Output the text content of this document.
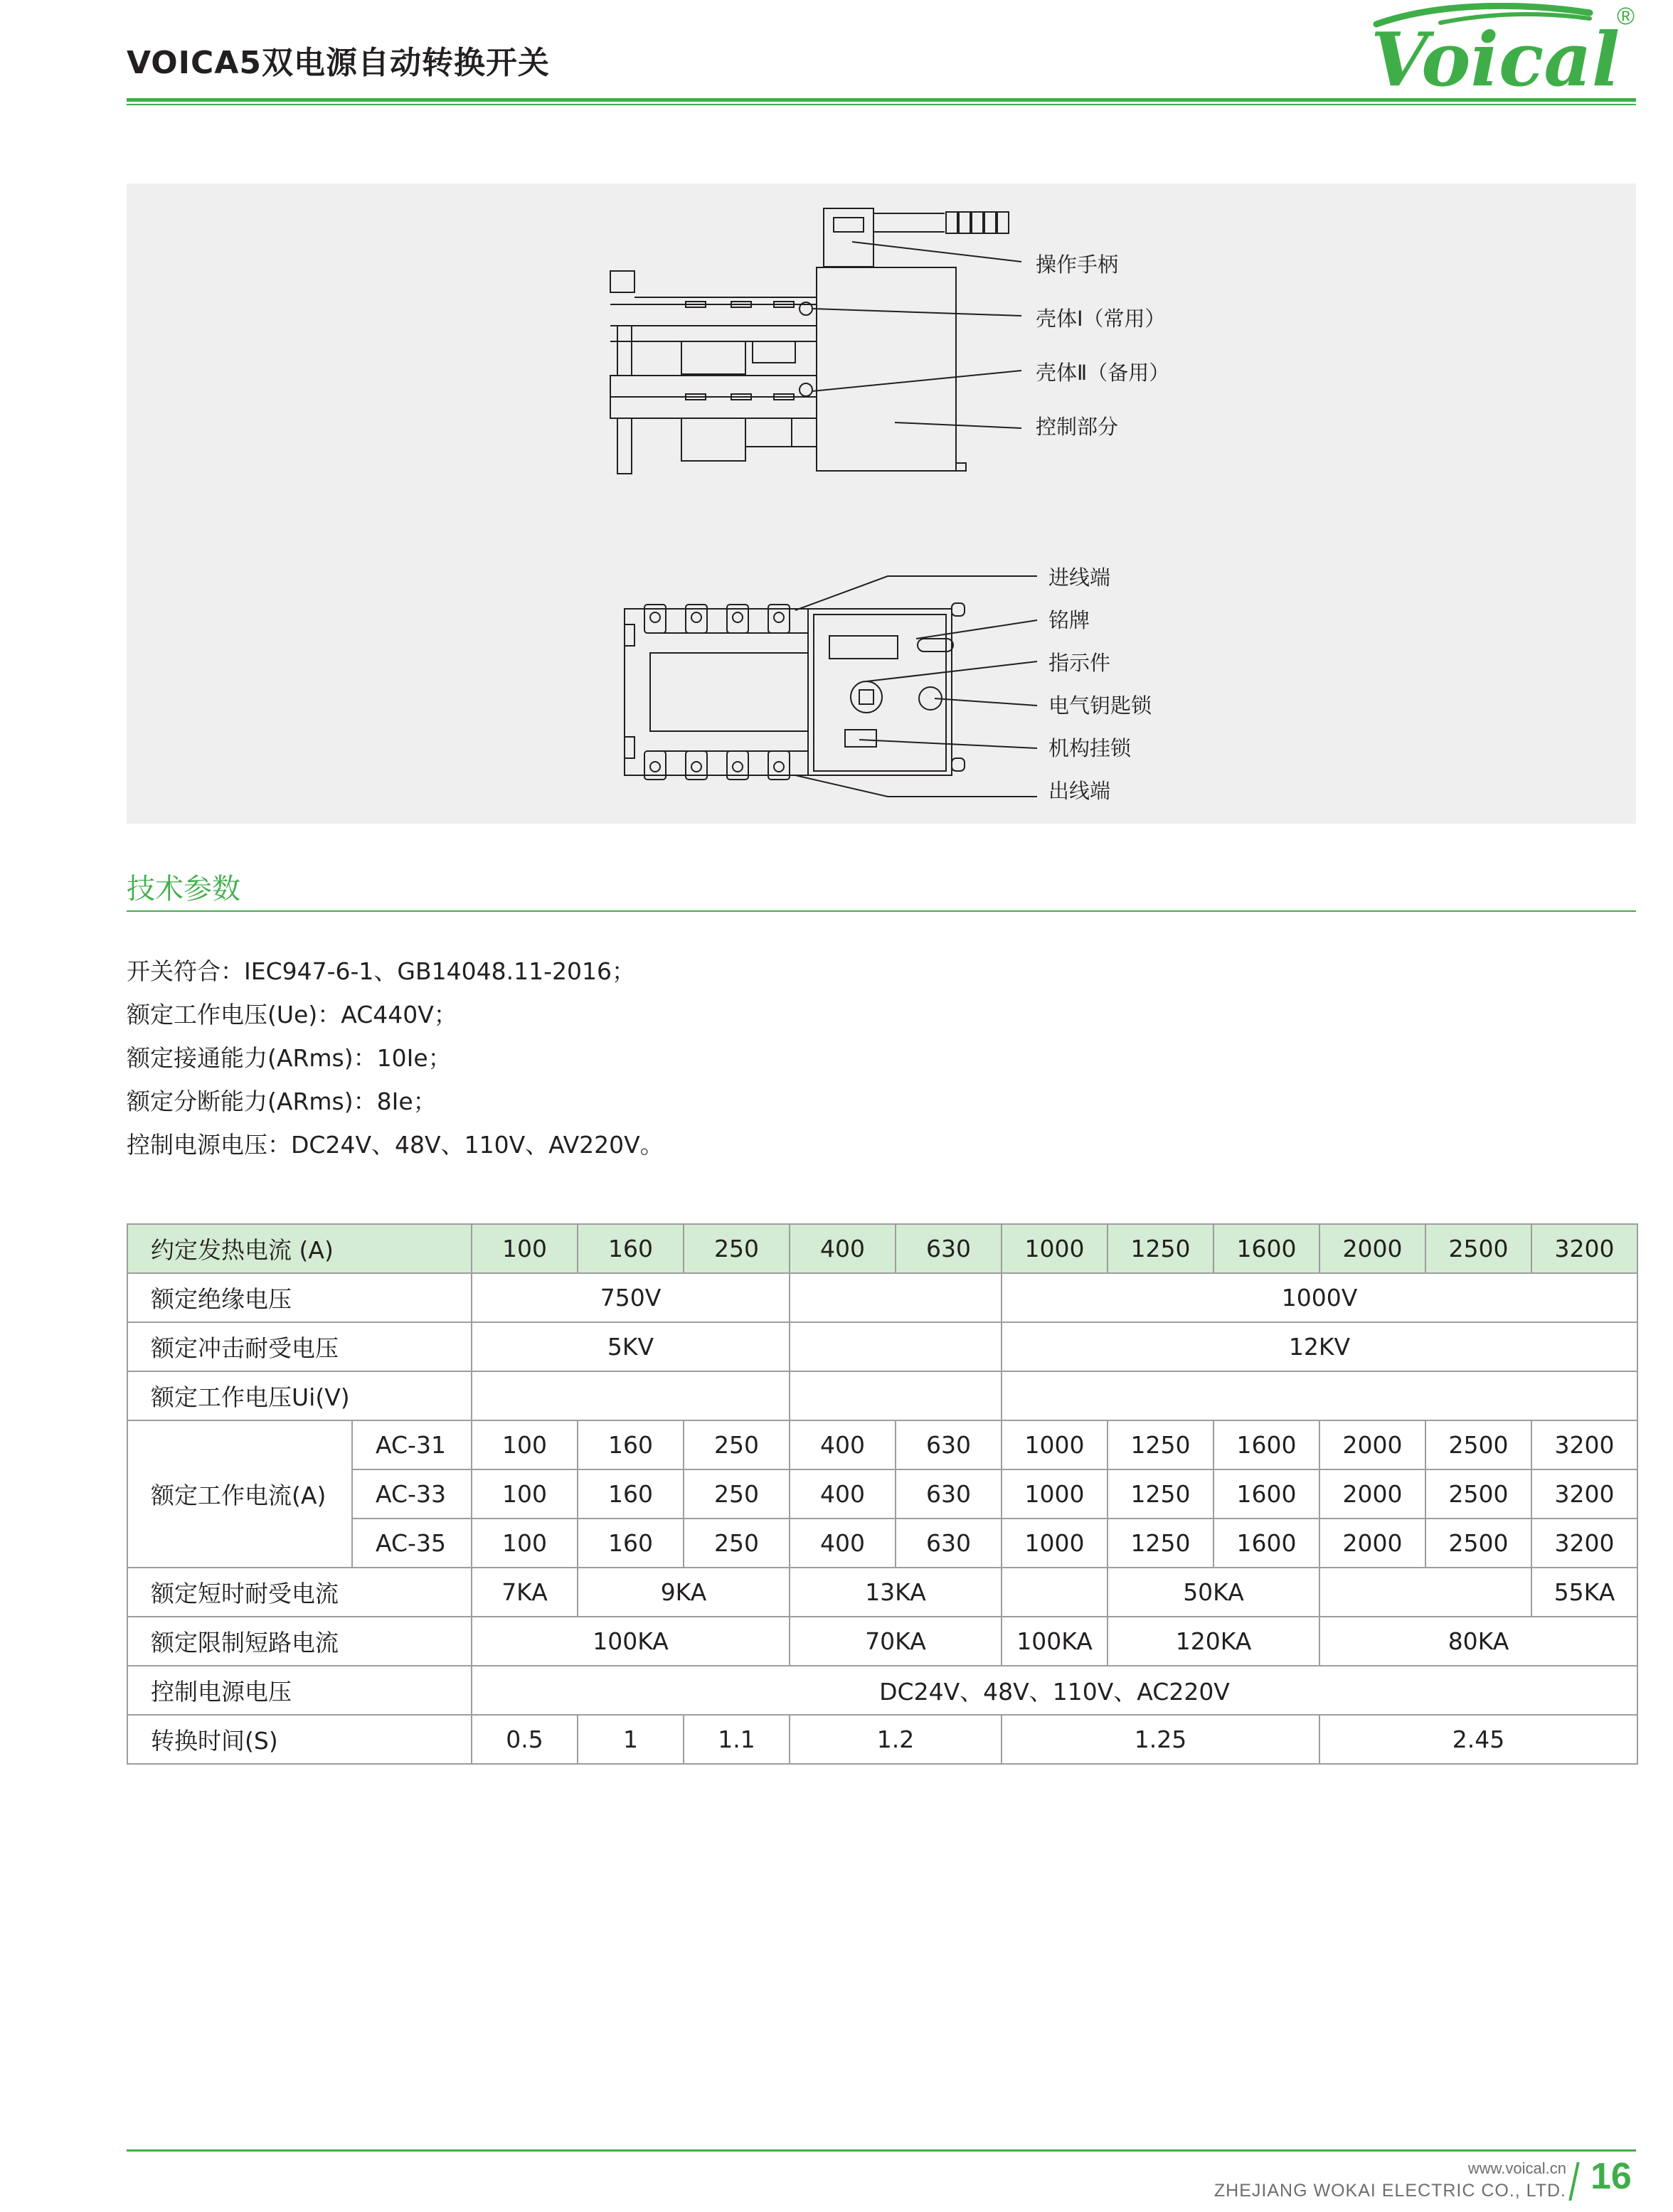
VOICA5双电源自动转换开关	Voical
®
操作手柄
壳体Ⅰ（常用）
壳体Ⅱ（备用）
控制部分
进线端
铭牌
指示件
电气钥匙锁
机构挂锁
出线端
技术参数
开关符合：IEC947-6-1、GB14048.11-2016；
额定工作电压(Ue)：AC440V；
额定接通能力(ARms)：10Ie；
额定分断能力(ARms)：8Ie；
控制电源电压：DC24V、48V、110V、AV220V。
约定发热电流 (A)		100	160	250	400	630	1000	1250	1600	2000	2500	3200
额定绝缘电压		750V					1000V					
额定冲击耐受电压		5KV					12KV					
额定工作电压Ui(V)												
额定工作电流(A)	AC-31	100	160	250	400	630	1000	1250	1600	2000	2500	3200
	AC-33	100	160	250	400	630	1000	1250	1600	2000	2500	3200
	AC-35	100	160	250	400	630	1000	1250	1600	2000	2500	3200
额定短时耐受电流		7KA	9KA		13KA			50KA				55KA
额定限制短路电流		100KA			70KA		100KA	120KA		80KA		
控制电源电压		DC24V、48V、110V、AC220V										
转换时间(S)		0.5	1	1.1	1.2		1.25			2.45		
www.voical.cn
ZHEJIANG WOKAI ELECTRIC CO., LTD. 16
